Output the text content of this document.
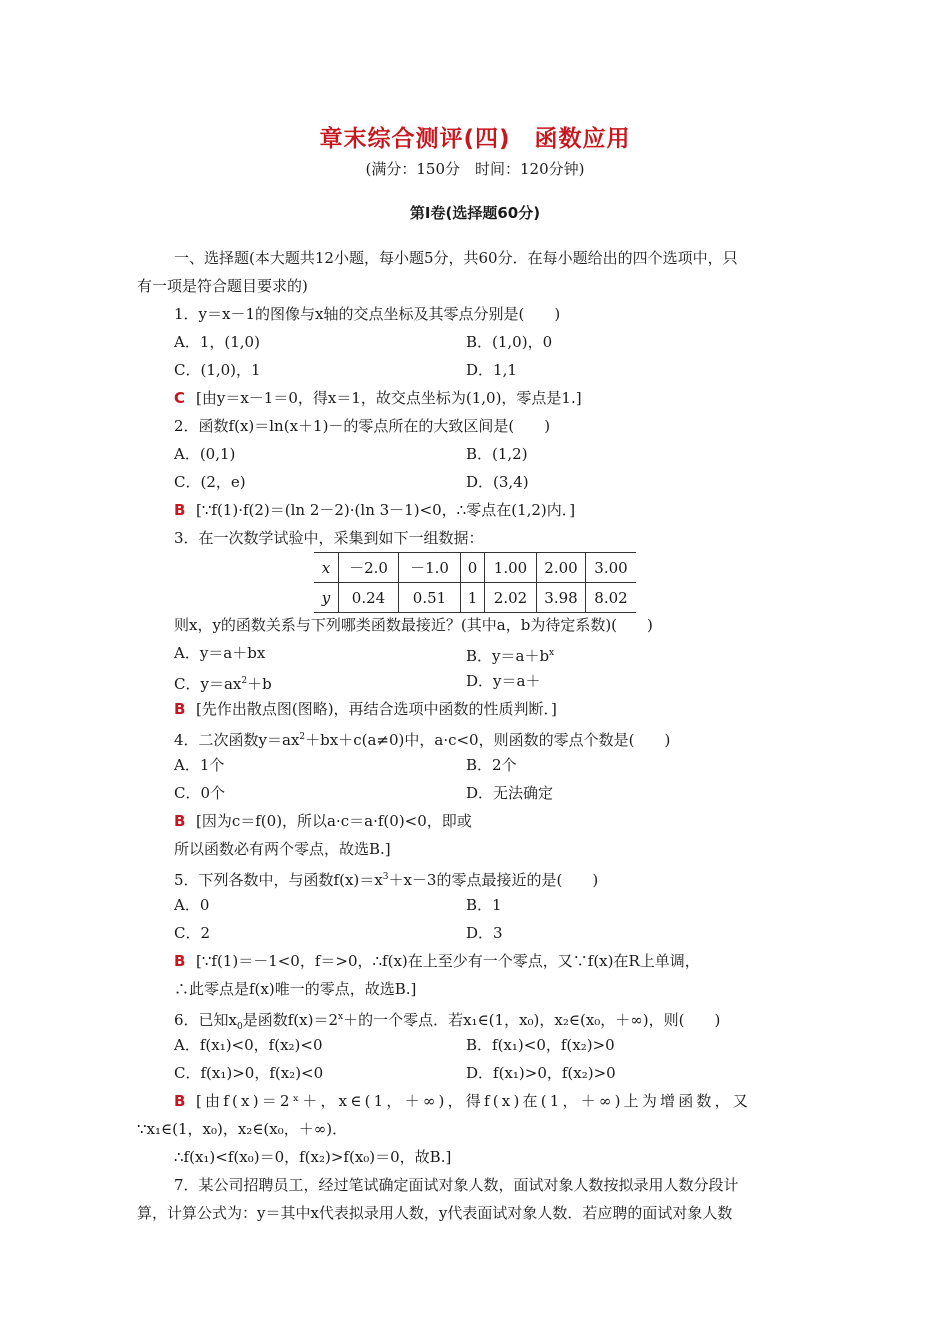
章末综合测评(四)　函数应用
(满分：150分　时间：120分钟)
第Ⅰ卷(选择题60分)
一、选择题(本大题共12小题，每小题5分，共60分．在每小题给出的四个选项中，只
有一项是符合题目要求的)
1．y＝x－1的图像与x轴的交点坐标及其零点分别是(　　)
A．1，(1,0)	B．(1,0)，0
C．(1,0)，1	D．1,1
C [由y＝x－1＝0，得x＝1，故交点坐标为(1,0)，零点是1.]
2．函数f(x)＝ln(x＋1)－的零点所在的大致区间是(　　)
A．(0,1)	B．(1,2)
C．(2，e)	D．(3,4)
B [∵f(1)·f(2)＝(ln 2－2)·(ln 3－1)<0，∴零点在(1,2)内．]
3．在一次数学试验中，采集到如下一组数据：
x	－2.0	－1.0	0	1.00	2.00	3.00
y	0.24	0.51	1	2.02	3.98	8.02
则x，y的函数关系与下列哪类函数最接近？(其中a，b为待定系数)(　　)
A．y＝a＋bx	B．$y=a+b^x$
C．$y=ax^2+b$	D．y＝a＋
B [先作出散点图(图略)，再结合选项中函数的性质判断．]
4．二次函数$y=ax^2+bx+c(a\ne 0)$中，a·c<0，则函数的零点个数是(　　)
A．1个	B．2个
C．0个	D．无法确定
B [因为c＝f(0)，所以a·c＝a·f(0)<0，即或
所以函数必有两个零点，故选B.]
5．下列各数中，与函数$f(x)=x^3+x-3$的零点最接近的是(　　)
A．0	B．1
C．2	D．3
B [∵f(1)＝－1<0，f＝>0，∴f(x)在上至少有一个零点，又∵f(x)在R上单调，
∴此零点是f(x)唯一的零点，故选B.]
6．已知$x_0$是函数$f(x)=2^x+$的一个零点．若x₁∈(1，x₀)，x₂∈(x₀，＋∞)，则(　　)
A．f(x₁)<0，f(x₂)<0	B．f(x₁)<0，f(x₂)>0
C．f(x₁)>0，f(x₂)<0	D．f(x₁)>0，f(x₂)>0
B [由f(x)＝2ˣ＋，x∈(1，＋∞)，得f(x)在(1，＋∞)上为增函数，又
∵x₁∈(1，x₀)，x₂∈(x₀，＋∞)．
∴f(x₁)<f(x₀)＝0，f(x₂)>f(x₀)＝0，故B.]
7．某公司招聘员工，经过笔试确定面试对象人数，面试对象人数按拟录用人数分段计
算，计算公式为：y＝其中x代表拟录用人数，y代表面试对象人数．若应聘的面试对象人数
